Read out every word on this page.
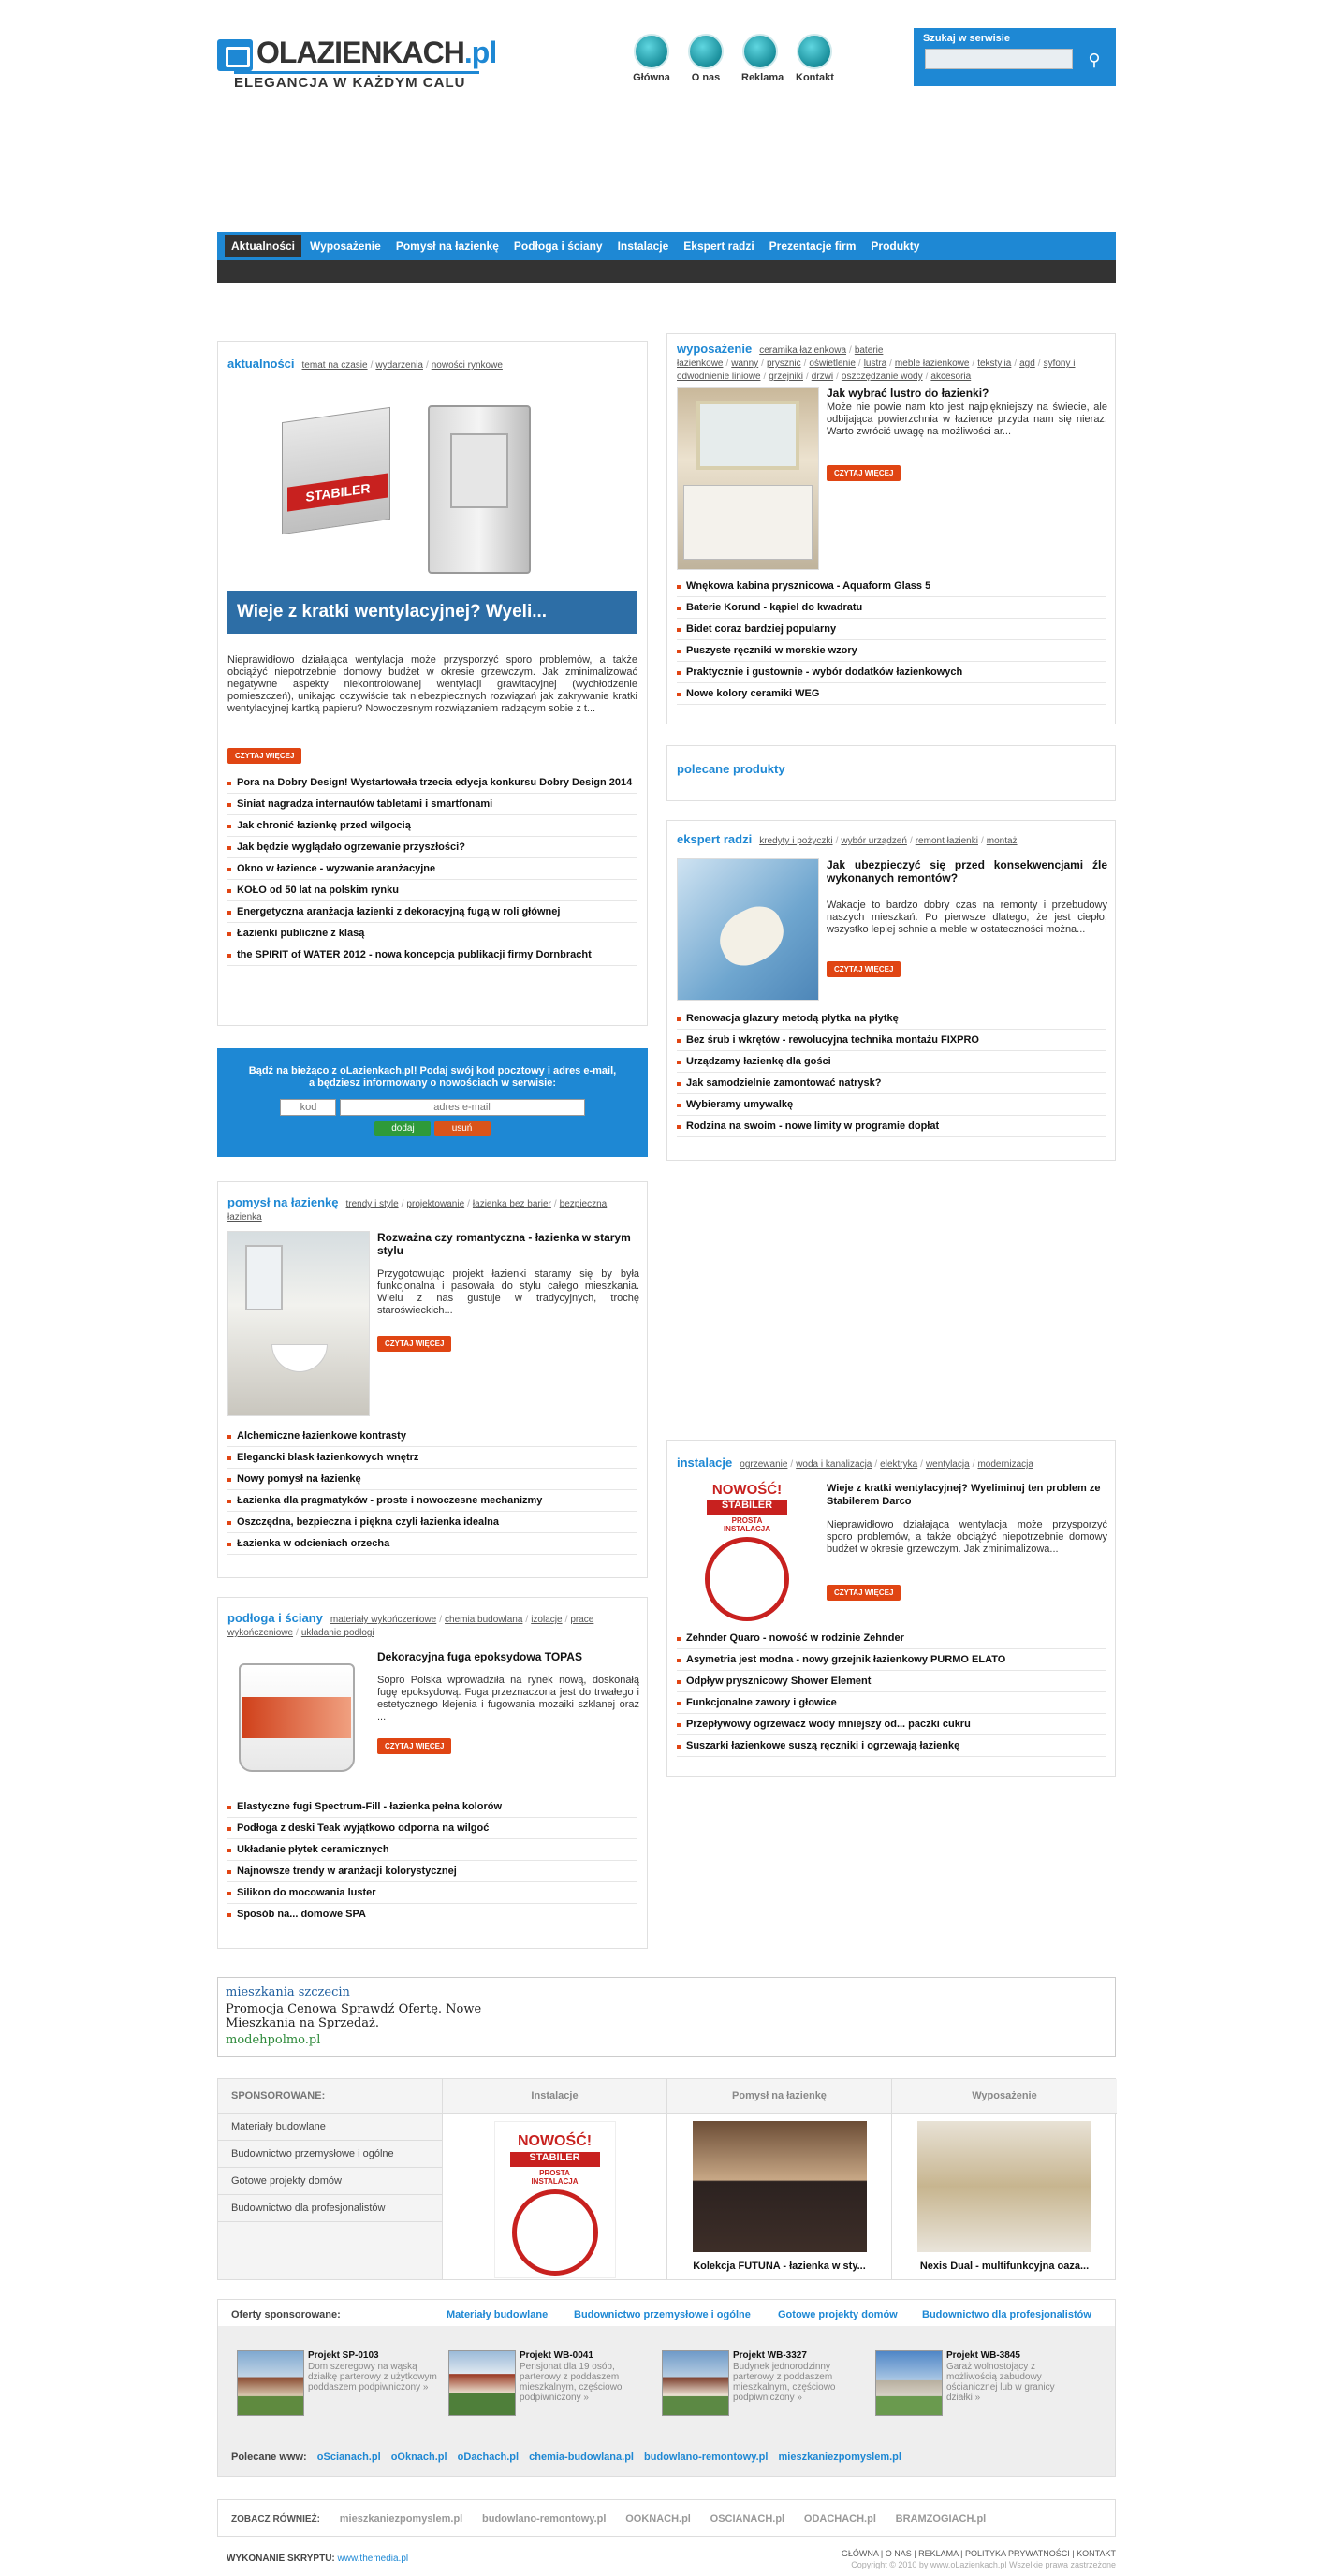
OLAZIENKACH.pl
ELEGANCJA W KAŻDYM CALU	Główna	O nas	Reklama Kontakt
Szukaj w serwisie
⚲
Aktualności	Wyposażenie	Pomysł na łazienkę	Podłoga i ściany	Instalacje	Ekspert radzi	Prezentacje firm	Produkty
aktualności temat na czasie / wydarzenia / nowości rynkowe
STABILER
Wieje z kratki wentylacyjnej? Wyeli...
Nieprawidłowo działająca wentylacja może przysporzyć sporo problemów, a także obciążyć niepotrzebnie domowy budżet w okresie grzewczym. Jak zminimalizować negatywne aspekty niekontrolowanej wentylacji grawitacyjnej (wychłodzenie pomieszczeń), unikając oczywiście tak niebezpiecznych rozwiązań jak zakrywanie kratki wentylacyjnej kartką papieru? Nowoczesnym rozwiązaniem radzącym sobie z t...
CZYTAJ WIĘCEJ
Pora na Dobry Design! Wystartowała trzecia edycja konkursu Dobry Design 2014
Siniat nagradza internautów tabletami i smartfonami
Jak chronić łazienkę przed wilgocią
Jak będzie wyglądało ogrzewanie przyszłości?
Okno w łazience - wyzwanie aranżacyjne
KOŁO od 50 lat na polskim rynku
Energetyczna aranżacja łazienki z dekoracyjną fugą w roli głównej
Łazienki publiczne z klasą
the SPIRIT of WATER 2012 - nowa koncepcja publikacji firmy Dornbracht
Bądź na bieżąco z oLazienkach.pl! Podaj swój kod pocztowy i adres e-mail, a będziesz informowany o nowościach w serwisie:
kod adres e-mail
dodaj	usuń
pomysł na łazienkę trendy i style / projektowanie / łazienka bez barier / bezpieczna łazienka
Rozważna czy romantyczna - łazienka w starym stylu
Przygotowując projekt łazienki staramy się by była funkcjonalna i pasowała do stylu całego mieszkania. Wielu z nas gustuje w tradycyjnych, trochę staroświeckich...
CZYTAJ WIĘCEJ
Alchemiczne łazienkowe kontrasty
Elegancki blask łazienkowych wnętrz
Nowy pomysł na łazienkę
Łazienka dla pragmatyków - proste i nowoczesne mechanizmy
Oszczędna, bezpieczna i piękna czyli łazienka idealna
Łazienka w odcieniach orzecha
podłoga i ściany materiały wykończeniowe / chemia budowlana / izolacje / prace wykończeniowe / układanie podłogi
Dekoracyjna fuga epoksydowa TOPAS
Sopro Polska wprowadziła na rynek nową, doskonałą fugę epoksydową. Fuga przeznaczona jest do trwałego i estetycznego klejenia i fugowania mozaiki szklanej oraz ...
CZYTAJ WIĘCEJ
Elastyczne fugi Spectrum-Fill - łazienka pełna kolorów
Podłoga z deski Teak wyjątkowo odporna na wilgoć
Układanie płytek ceramicznych
Najnowsze trendy w aranżacji kolorystycznej
Silikon do mocowania luster
Sposób na... domowe SPA
wyposażenie ceramika łazienkowa / baterie łazienkowe / wanny / prysznic / oświetlenie / lustra / meble łazienkowe / tekstylia / agd / syfony i odwodnienie liniowe / grzejniki / drzwi / oszczędzanie wody / akcesoria
Jak wybrać lustro do łazienki?
Może nie powie nam kto jest najpiękniejszy na świecie, ale odbijająca powierzchnia w łazience przyda nam się nieraz. Warto zwrócić uwagę na możliwości ar...
CZYTAJ WIĘCEJ
Wnękowa kabina prysznicowa - Aquaform Glass 5
Baterie Korund - kąpiel do kwadratu
Bidet coraz bardziej popularny
Puszyste ręczniki w morskie wzory
Praktycznie i gustownie - wybór dodatków łazienkowych
Nowe kolory ceramiki WEG
polecane produkty
ekspert radzi kredyty i pożyczki / wybór urządzeń / remont łazienki / montaż
Jak ubezpieczyć się przed konsekwencjami źle wykonanych remontów?
Wakacje to bardzo dobry czas na remonty i przebudowy naszych mieszkań. Po pierwsze dlatego, że jest ciepło, wszystko lepiej schnie a meble w ostateczności można...
CZYTAJ WIĘCEJ
Renowacja glazury metodą płytka na płytkę
Bez śrub i wkrętów - rewolucyjna technika montażu FIXPRO
Urządzamy łazienkę dla gości
Jak samodzielnie zamontować natrysk?
Wybieramy umywalkę
Rodzina na swoim - nowe limity w programie dopłat
instalacje ogrzewanie / woda i kanalizacja / elektryka / wentylacja / modernizacja
NOWOŚĆ!
STABILER
PROSTA INSTALACJA
Wieje z kratki wentylacyjnej? Wyeliminuj ten problem ze Stabilerem Darco
Nieprawidłowo działająca wentylacja może przysporzyć sporo problemów, a także obciążyć niepotrzebnie domowy budżet w okresie grzewczym. Jak zminimalizowa...
CZYTAJ WIĘCEJ
Zehnder Quaro - nowość w rodzinie Zehnder
Asymetria jest modna - nowy grzejnik łazienkowy PURMO ELATO
Odpływ prysznicowy Shower Element
Funkcjonalne zawory i głowice
Przepływowy ogrzewacz wody mniejszy od... paczki cukru
Suszarki łazienkowe suszą ręczniki i ogrzewają łazienkę
mieszkania szczecin
Promocja Cenowa Sprawdź Ofertę. Nowe
Mieszkania na Sprzedaż.
modehpolmo.pl
SPONSOROWANE:
Materiały budowlane
Budownictwo przemysłowe i ogólne
Gotowe projekty domów
Budownictwo dla profesjonalistów
Instalacje
NOWOŚĆ!
STABILER
PROSTA INSTALACJA
Pomysł na łazienkę
Kolekcja FUTUNA - łazienka w sty...
Wyposażenie
Nexis Dual - multifunkcyjna oaza...
Oferty sponsorowane:	Materiały budowlane	Budownictwo przemysłowe i ogólne	Gotowe projekty domów Budownictwo dla profesjonalistów
Projekt SP-0103
Dom szeregowy na wąską działkę parterowy z użytkowym poddaszem podpiwniczony »
Projekt WB-0041
Pensjonat dla 19 osób, parterowy z poddaszem mieszkalnym, częściowo podpiwniczony »
Projekt WB-3327
Budynek jednorodzinny parterowy z poddaszem mieszkalnym, częściowo podpiwniczony »
Projekt WB-3845
Garaż wolnostojący z możliwością zabudowy ościanicznej lub w granicy działki »
Polecane www: oScianach.pl oOknach.pl oDachach.pl chemia-budowlana.pl budowlano-remontowy.pl mieszkaniezpomyslem.pl
ZOBACZ RÓWNIEŻ: mieszkaniezpomyslem.pl budowlano-remontowy.pl OOKNACH.pl OSCIANACH.pl ODACHACH.pl BRAMZOGIACH.pl
WYKONANIE SKRYPTU: www.themedia.pl	GŁÓWNA | O NAS | REKLAMA | POLITYKA PRYWATNOŚCI | KONTAKT
Copyright © 2010 by www.oLazienkach.pl Wszelkie prawa zastrzeżone
